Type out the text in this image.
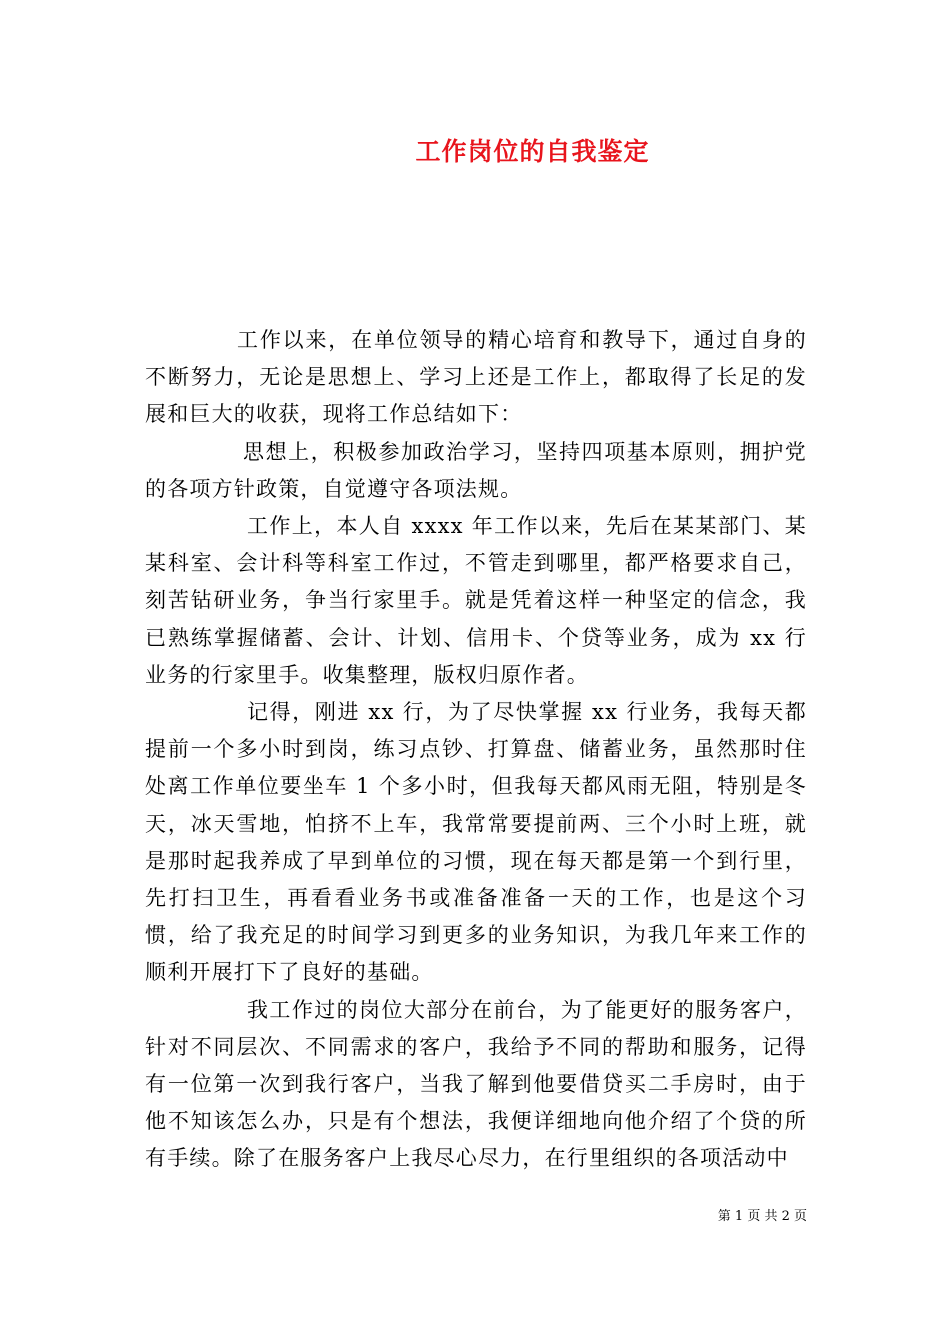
工作岗位的自我鉴定

工作以来，在单位领导的精心培育和教导下，通过自身的不断努力，无论是思想上、学习上还是工作上，都取得了长足的发展和巨大的收获，现将工作总结如下：

思想上，积极参加政治学习，坚持四项基本原则，拥护党的各项方针政策，自觉遵守各项法规。

工作上，本人自 xxxx 年工作以来，先后在某某部门、某某科室、会计科等科室工作过，不管走到哪里，都严格要求自己，刻苦钻研业务，争当行家里手。就是凭着这样一种坚定的信念，我已熟练掌握储蓄、会计、计划、信用卡、个贷等业务，成为 xx 行业务的行家里手。收集整理，版权归原作者。

记得，刚进 xx 行，为了尽快掌握 xx 行业务，我每天都提前一个多小时到岗，练习点钞、打算盘、储蓄业务，虽然那时住处离工作单位要坐车 1 个多小时，但我每天都风雨无阻，特别是冬天，冰天雪地，怕挤不上车，我常常要提前两、三个小时上班，就是那时起我养成了早到单位的习惯，现在每天都是第一个到行里，先打扫卫生，再看看业务书或准备准备一天的工作，也是这个习惯，给了我充足的时间学习到更多的业务知识，为我几年来工作的顺利开展打下了良好的基础。

我工作过的岗位大部分在前台，为了能更好的服务客户，针对不同层次、不同需求的客户，我给予不同的帮助和服务，记得有一位第一次到我行客户，当我了解到他要借贷买二手房时，由于他不知该怎么办，只是有个想法，我便详细地向他介绍了个贷的所有手续。除了在服务客户上我尽心尽力，在行里组织的各项活动中

第 1 页 共 2 页
